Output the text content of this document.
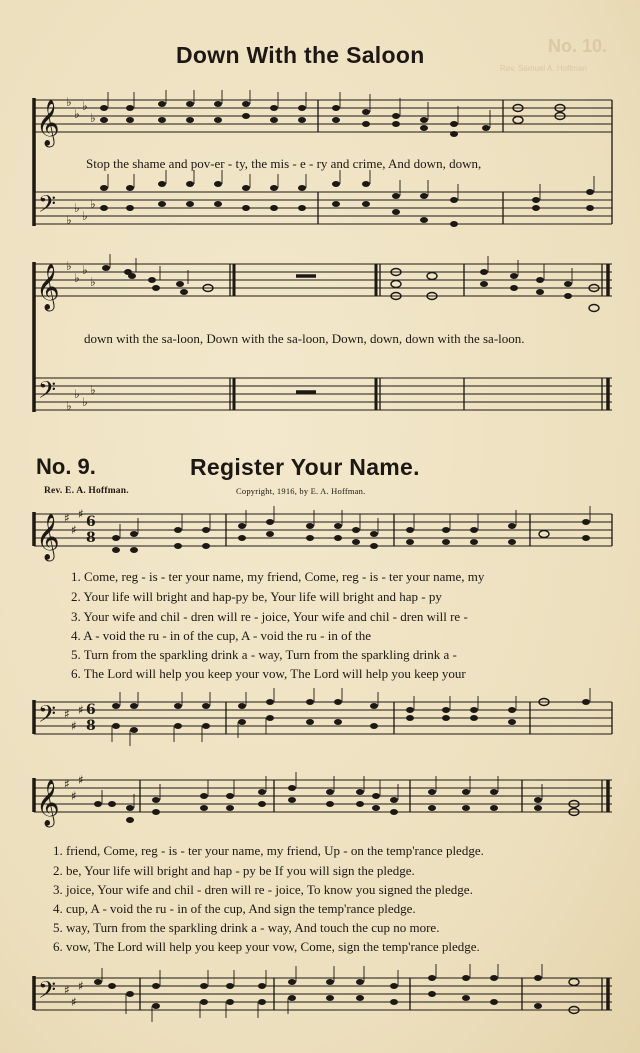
No. 10.
Rev. Samuel A. Hoffman
Down With the Saloon
𝄞 ♭
♭
♭
♭
𝄢 ♭
♭
♭
♭
Stop the shame and pov-er - ty, the mis - e - ry and crime, And down, down,
𝄞 ♭
♭
♭
♭
𝄢 ♭
♭
♭
♭
down with the sa-loon, Down with the sa-loon, Down, down, down with the sa-loon.
No. 9.	Register Your Name.
Rev. E. A. Hoffman.	Copyright, 1916, by E. A. Hoffman.
𝄞 ♯
♯
♯ 6
8
1. Come, reg - is - ter your name, my friend, Come, reg - is - ter your name, my
2. Your life will bright and hap-py be, Your life will bright and hap - py
3. Your wife and chil - dren will re - joice, Your wife and chil - dren will re -
4. A - void the ru - in of the cup, A - void the ru - in of the
5. Turn from the sparkling drink a - way, Turn from the sparkling drink a -
6. The Lord will help you keep your vow, The Lord will help you keep your
𝄢 ♯
♯
♯ 6
8
𝄞 ♯
♯
♯
1. friend, Come, reg - is - ter your name, my friend, Up - on the temp'rance pledge.
2. be, Your life will bright and hap - py be If you will sign the pledge.
3. joice, Your wife and chil - dren will re - joice, To know you signed the pledge.
4. cup, A - void the ru - in of the cup, And sign the temp'rance pledge.
5. way, Turn from the sparkling drink a - way, And touch the cup no more.
6. vow, The Lord will help you keep your vow, Come, sign the temp'rance pledge.
𝄢 ♯
♯
♯
